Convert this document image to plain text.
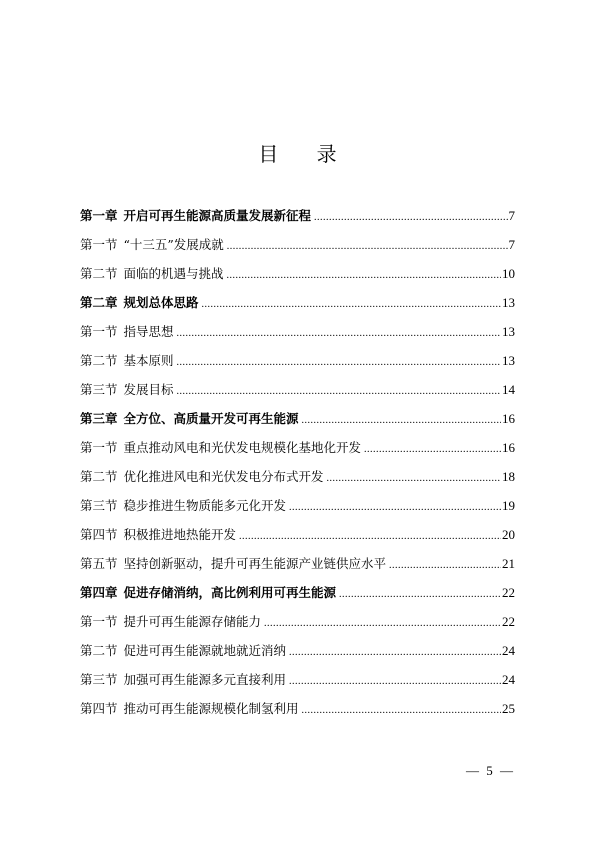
目 录
第一章 开启可再生能源高质量发展新征程 .....	7
第一节 “十三五”发展成就 .....	7
第二节 面临的机遇与挑战 .....	10
第二章 规划总体思路 .....	13
第一节 指导思想 .....	13
第二节 基本原则 .....	13
第三节 发展目标 .....	14
第三章 全方位、高质量开发可再生能源 .....	16
第一节 重点推动风电和光伏发电规模化基地化开发 .....	16
第二节 优化推进风电和光伏发电分布式开发 .....	18
第三节 稳步推进生物质能多元化开发 .....	19
第四节 积极推进地热能开发 .....	20
第五节 坚持创新驱动，提升可再生能源产业链供应水平 .....	21
第四章 促进存储消纳，高比例利用可再生能源 .....	22
第一节 提升可再生能源存储能力 .....	22
第二节 促进可再生能源就地就近消纳 .....	24
第三节 加强可再生能源多元直接利用 .....	24
第四节 推动可再生能源规模化制氢利用 .....	25
— 5 —
